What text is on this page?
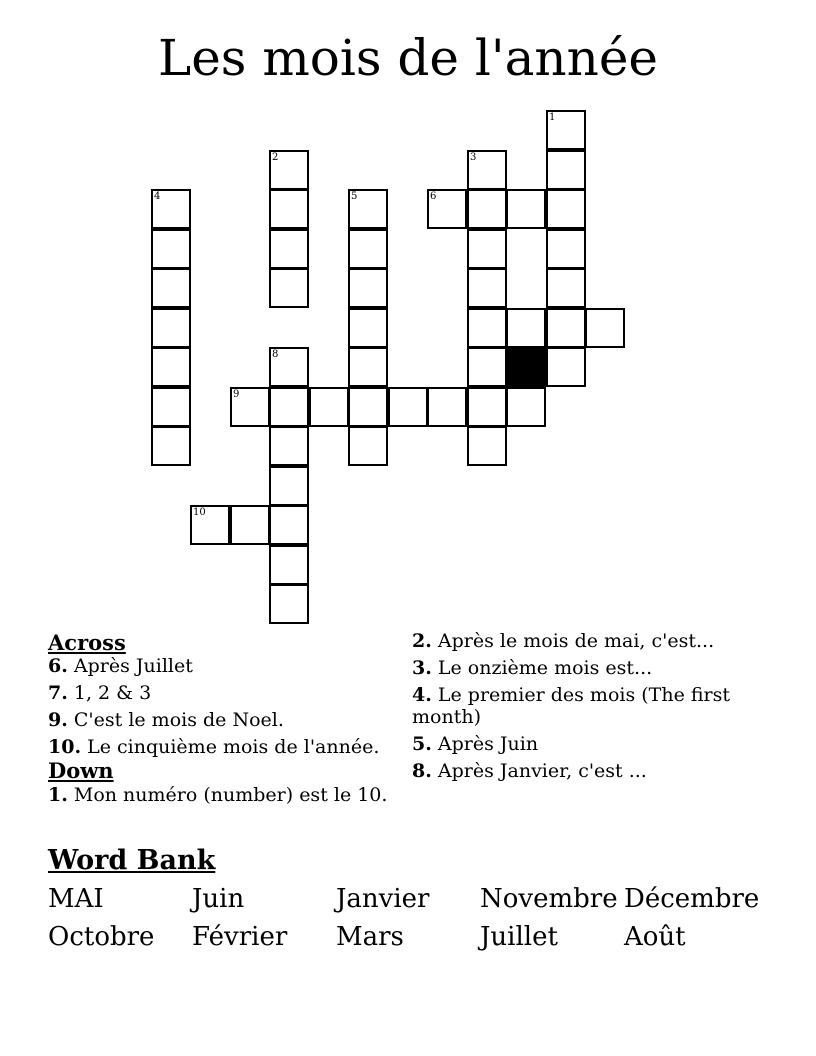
Les mois de l'année
1
2	3
4	5	6
8
9
10
Across
6. Après Juillet
7. 1, 2 & 3
9. C'est le mois de Noel.
10. Le cinquième mois de l'année.
Down
1. Mon numéro (number) est le 10.
2. Après le mois de mai, c'est...
3. Le onzième mois est...
4. Le premier des mois (The first month)
5. Après Juin
8. Après Janvier, c'est ...
Word Bank
MAI	Juin	Janvier	Novembre Décembre
Octobre	Février	Mars	Juillet	Août
